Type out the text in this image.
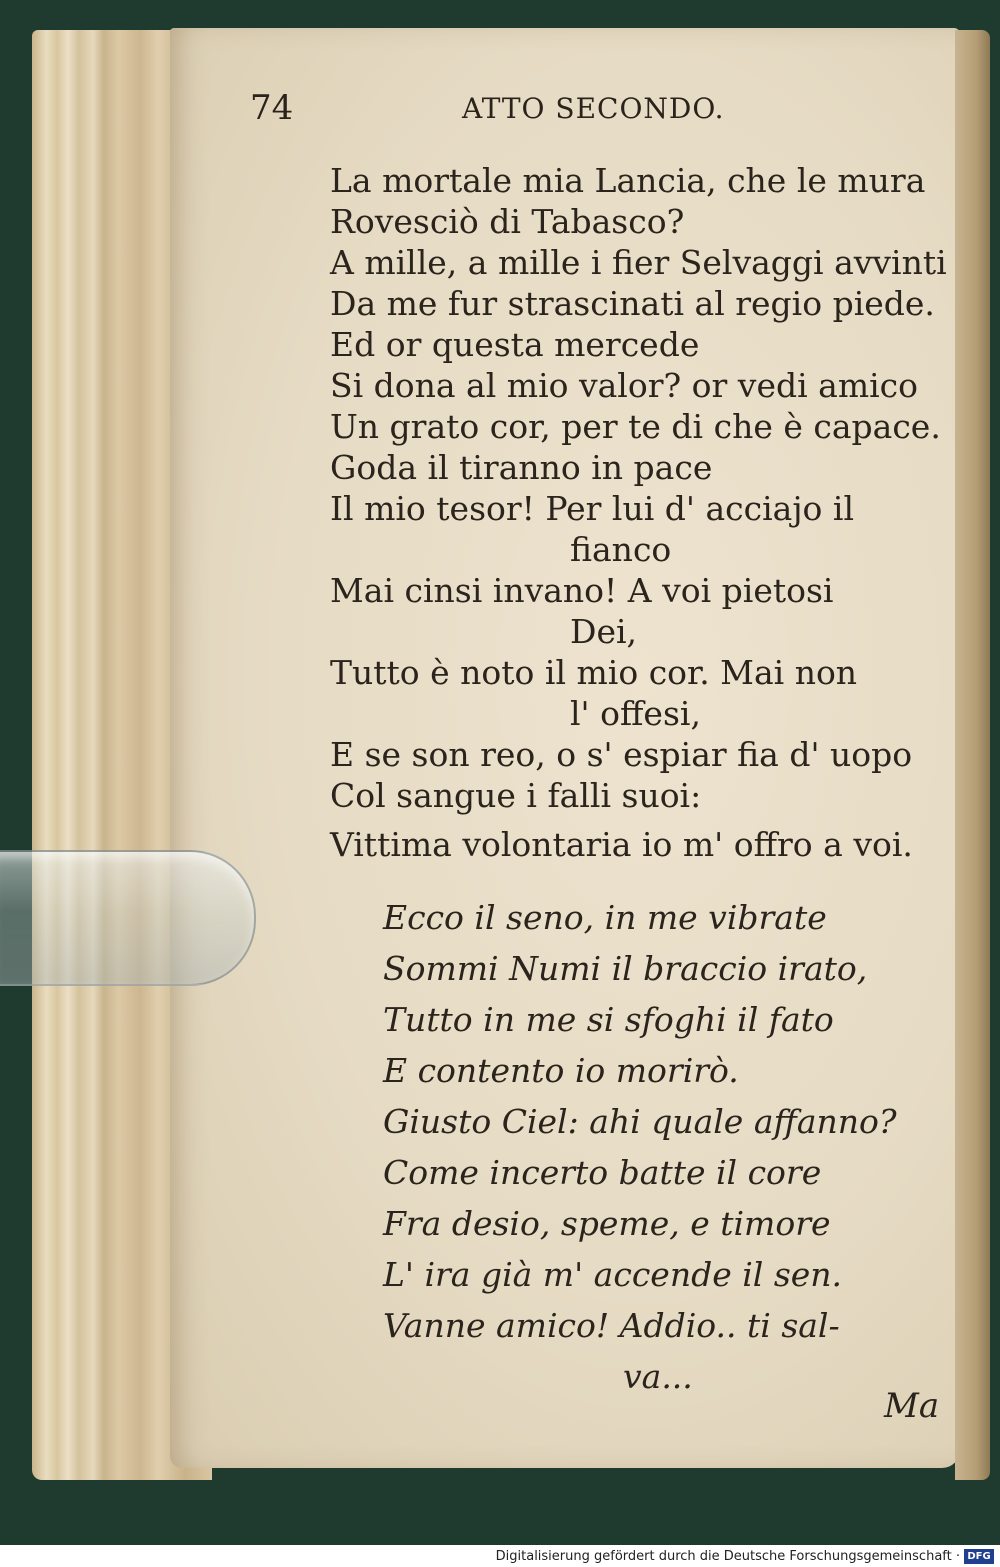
74	ATTO SECONDO.
La mortale mia Lancia, che le mura
Rovesciò di Tabasco?
A mille, a mille i fier Selvaggi avvinti
Da me fur strascinati al regio piede.
Ed or questa mercede
Si dona al mio valor? or vedi amico
Un grato cor, per te di che è capace.
Goda il tiranno in pace
Il mio tesor! Per lui d' acciajo il
fianco
Mai cinsi invano! A voi pietosi
Dei,
Tutto è noto il mio cor. Mai non
l' offesi,
E se son reo, o s' espiar fia d' uopo
Col sangue i falli suoi:
Vittima volontaria io m' offro a voi.
Ecco il seno, in me vibrate
Sommi Numi il braccio irato,
Tutto in me si sfoghi il fato
E contento io morirò.
Giusto Ciel: ahi quale affanno?
Come incerto batte il core
Fra desio, speme, e timore
L' ira già m' accende il sen.
Vanne amico! Addio.. ti sal-
va...
Ma
Digitalisierung gefördert durch die Deutsche Forschungsgemeinschaft · DFG
